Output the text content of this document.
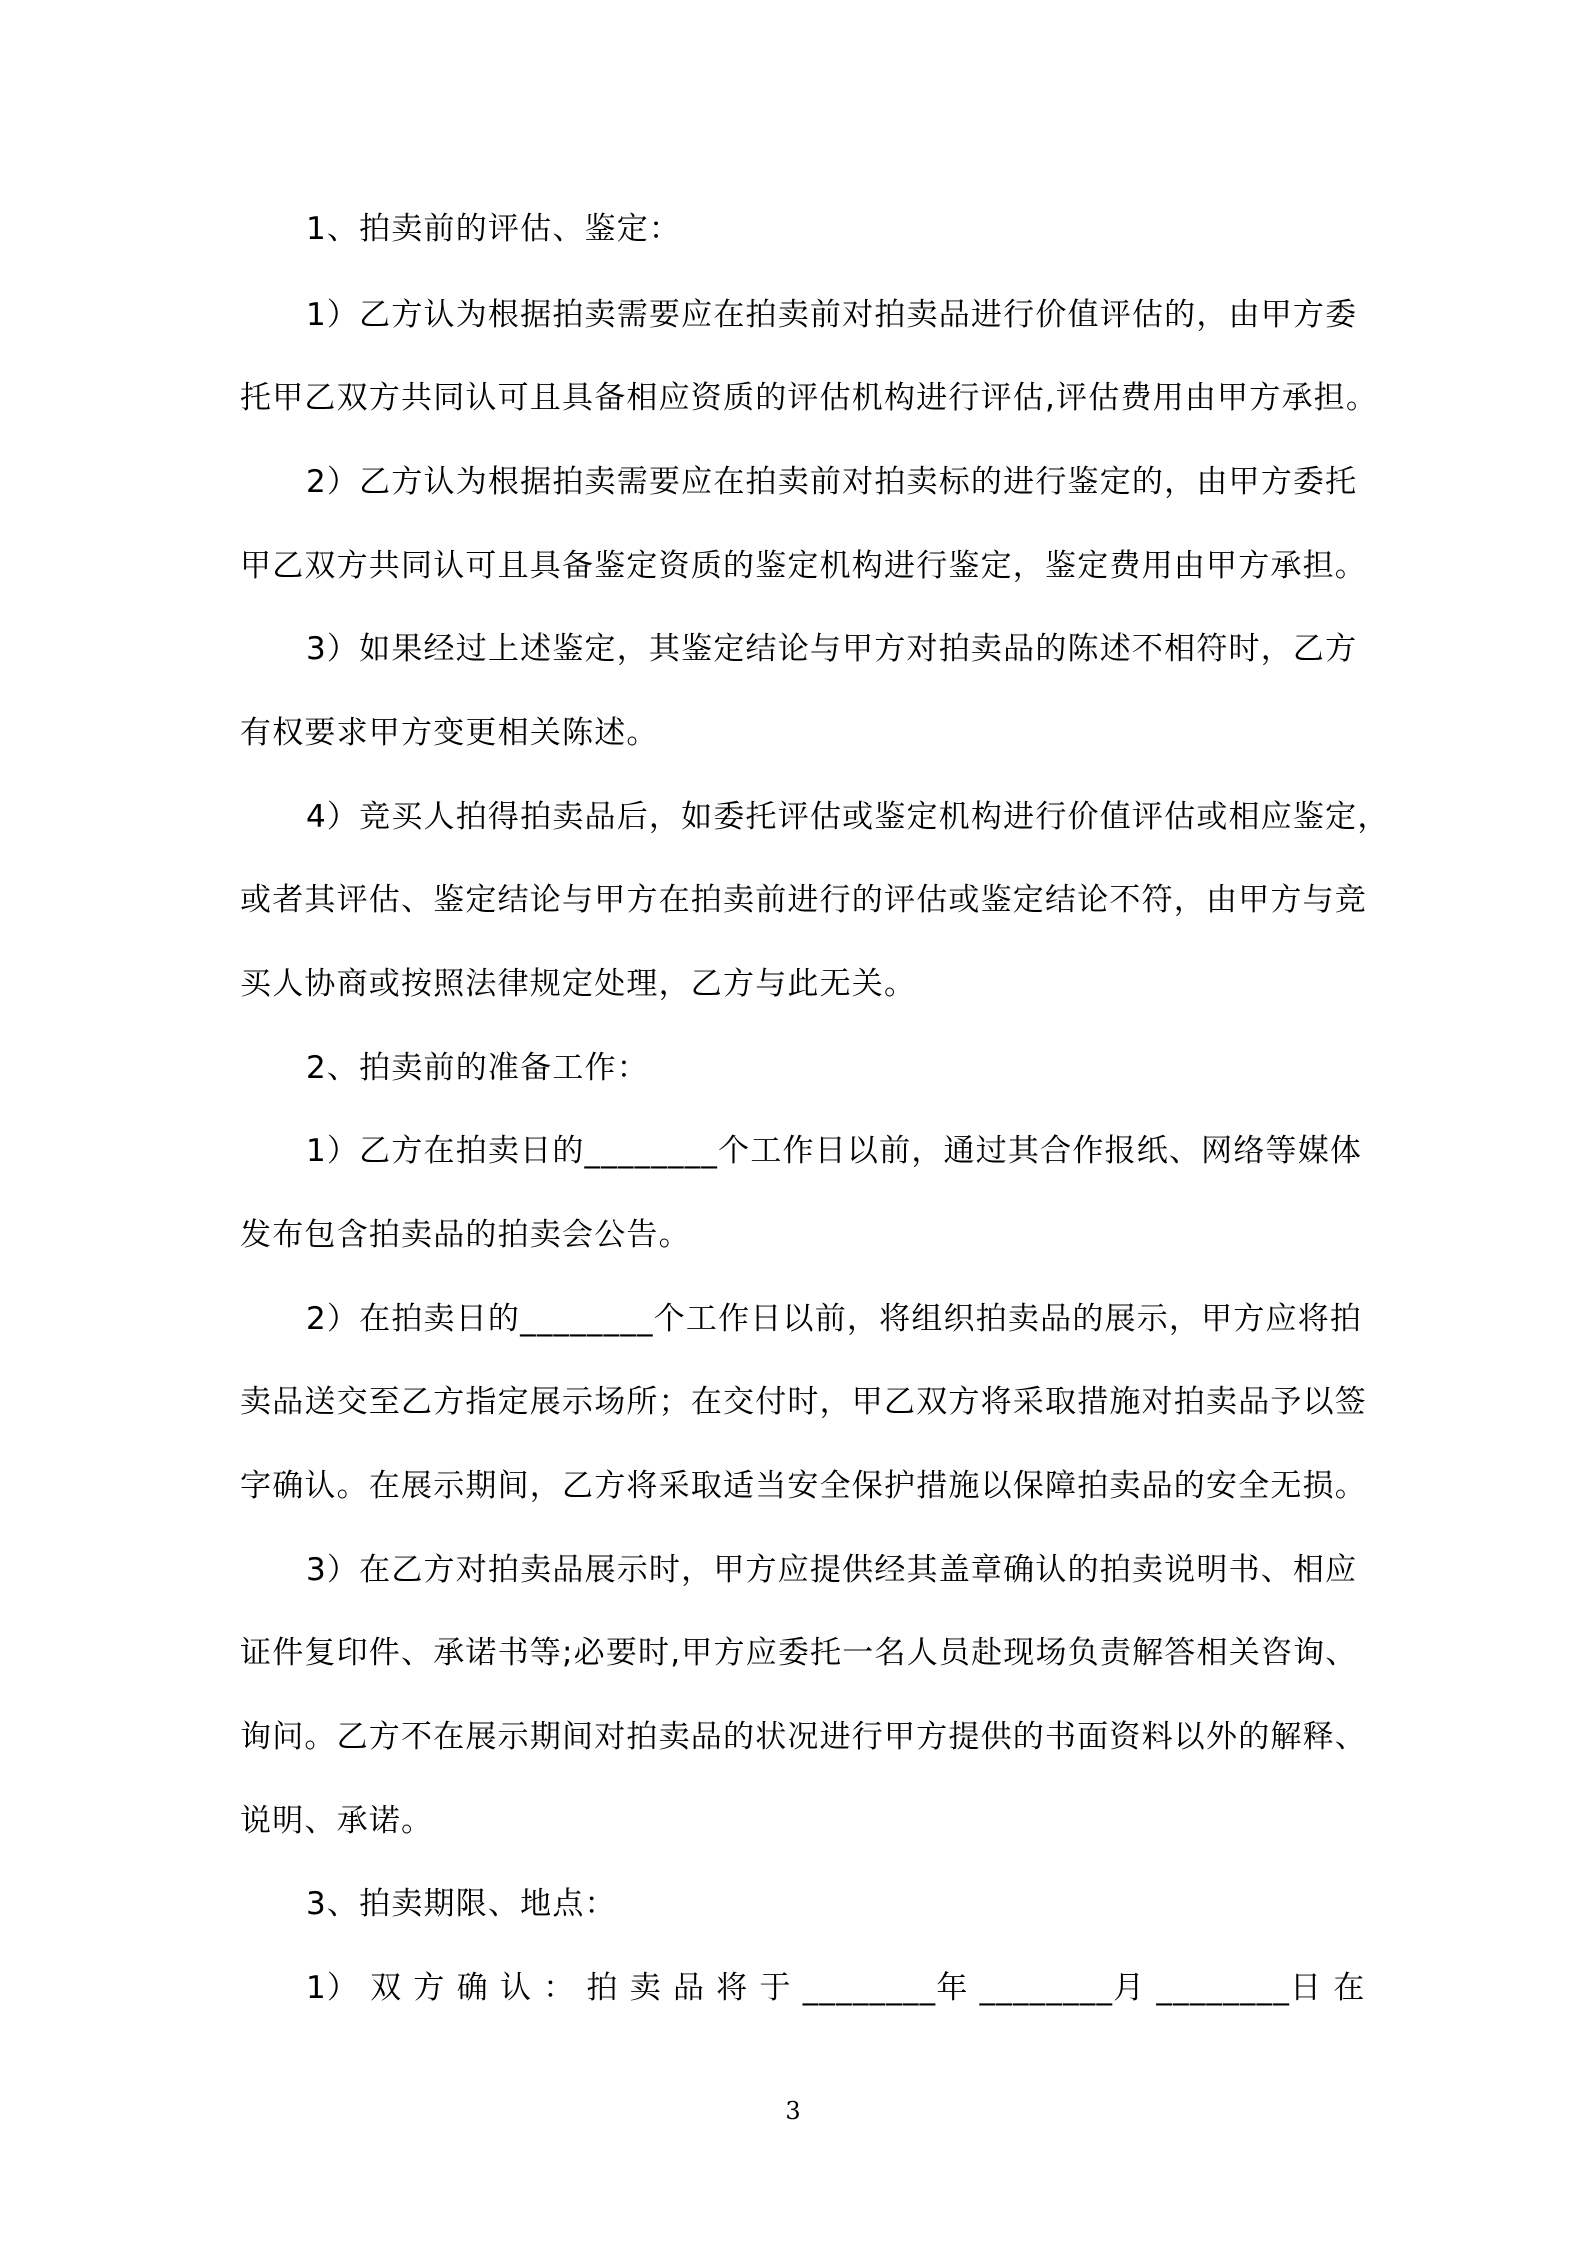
1、拍卖前的评估、鉴定：
1）乙方认为根据拍卖需要应在拍卖前对拍卖品进行价值评估的，由甲方委
托甲乙双方共同认可且具备相应资质的评估机构进行评估,评估费用由甲方承担。
2）乙方认为根据拍卖需要应在拍卖前对拍卖标的进行鉴定的，由甲方委托
甲乙双方共同认可且具备鉴定资质的鉴定机构进行鉴定，鉴定费用由甲方承担。
3）如果经过上述鉴定，其鉴定结论与甲方对拍卖品的陈述不相符时，乙方
有权要求甲方变更相关陈述。
4）竞买人拍得拍卖品后，如委托评估或鉴定机构进行价值评估或相应鉴定，
或者其评估、鉴定结论与甲方在拍卖前进行的评估或鉴定结论不符，由甲方与竞
买人协商或按照法律规定处理，乙方与此无关。
2、拍卖前的准备工作：
1）乙方在拍卖日的________个工作日以前，通过其合作报纸、网络等媒体
发布包含拍卖品的拍卖会公告。
2）在拍卖日的________个工作日以前，将组织拍卖品的展示，甲方应将拍
卖品送交至乙方指定展示场所；在交付时，甲乙双方将采取措施对拍卖品予以签
字确认。在展示期间，乙方将采取适当安全保护措施以保障拍卖品的安全无损。
3）在乙方对拍卖品展示时，甲方应提供经其盖章确认的拍卖说明书、相应
证件复印件、承诺书等;必要时,甲方应委托一名人员赴现场负责解答相关咨询、
询问。乙方不在展示期间对拍卖品的状况进行甲方提供的书面资料以外的解释、
说明、承诺。
3、拍卖期限、地点：
1） 双 方 确 认 ： 拍 卖 品 将 于 ________年 ________月 ________日 在
3
